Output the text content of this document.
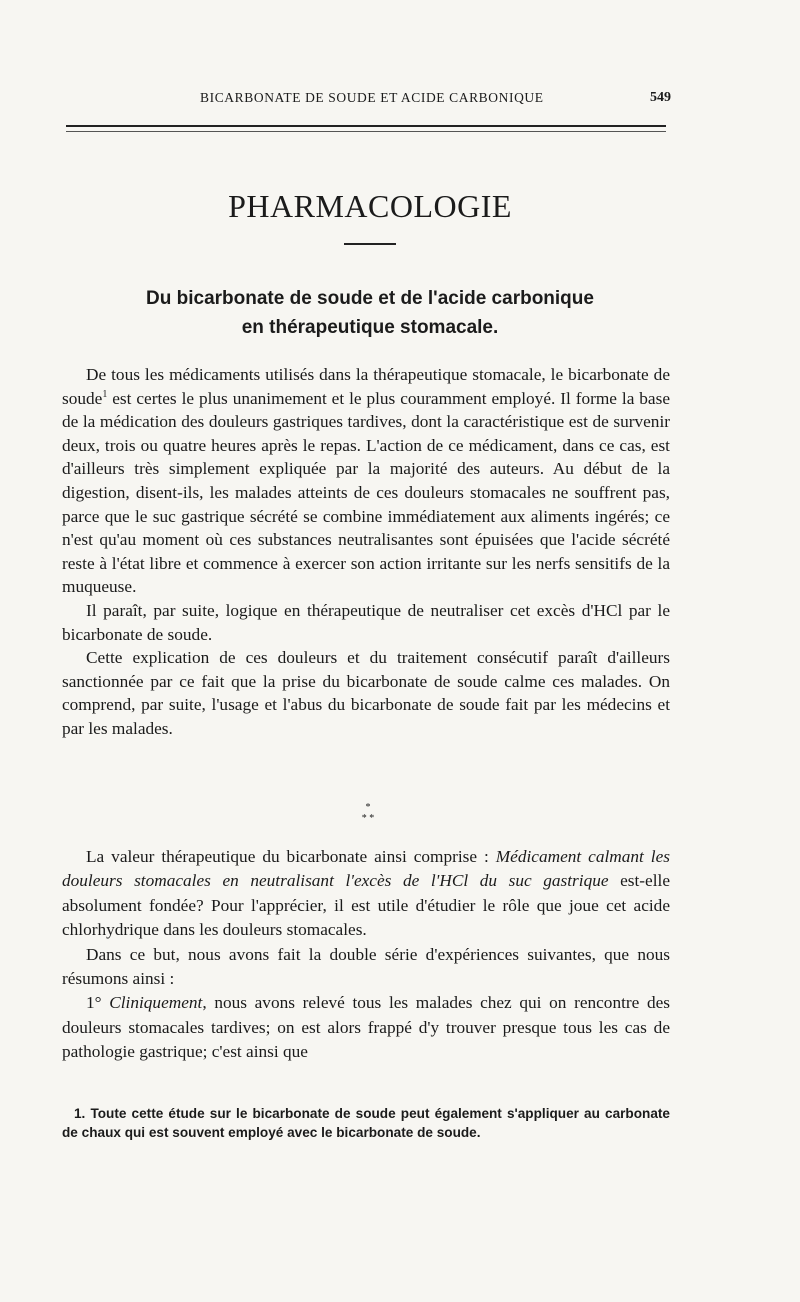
BICARBONATE DE SOUDE ET ACIDE CARBONIQUE	549
PHARMACOLOGIE
Du bicarbonate de soude et de l'acide carbonique
en thérapeutique stomacale.

De tous les médicaments utilisés dans la thérapeutique stomacale, le bicarbonate de soude$^1$ est certes le plus unanimement et le plus couramment employé. Il forme la base de la médication des douleurs gastriques tardives, dont la caractéristique est de survenir deux, trois ou quatre heures après le repas. L'action de ce médicament, dans ce cas, est d'ailleurs très simplement expliquée par la majorité des auteurs. Au début de la digestion, disent-ils, les malades atteints de ces douleurs stomacales ne souffrent pas, parce que le suc gastrique sécrété se combine immédiatement aux aliments ingérés; ce n'est qu'au moment où ces substances neutralisantes sont épuisées que l'acide sécrété reste à l'état libre et commence à exercer son action irritante sur les nerfs sensitifs de la muqueuse.

Il paraît, par suite, logique en thérapeutique de neutraliser cet excès d'HCl par le bicarbonate de soude.

Cette explication de ces douleurs et du traitement consécutif paraît d'ailleurs sanctionnée par ce fait que la prise du bicarbonate de soude calme ces malades. On comprend, par suite, l'usage et l'abus du bicarbonate de soude fait par les médecins et par les malades.

*
* *

La valeur thérapeutique du bicarbonate ainsi comprise : Médicament calmant les douleurs stomacales en neutralisant l'excès de l'HCl du suc gastrique est-elle absolument fondée? Pour l'apprécier, il est utile d'étudier le rôle que joue cet acide chlorhydrique dans les douleurs stomacales.

Dans ce but, nous avons fait la double série d'expériences suivantes, que nous résumons ainsi :

1° Cliniquement, nous avons relevé tous les malades chez qui on rencontre des douleurs stomacales tardives; on est alors frappé d'y trouver presque tous les cas de pathologie gastrique; c'est ainsi que

1. Toute cette étude sur le bicarbonate de soude peut également s'appliquer au carbonate de chaux qui est souvent employé avec le bicarbonate de soude.
